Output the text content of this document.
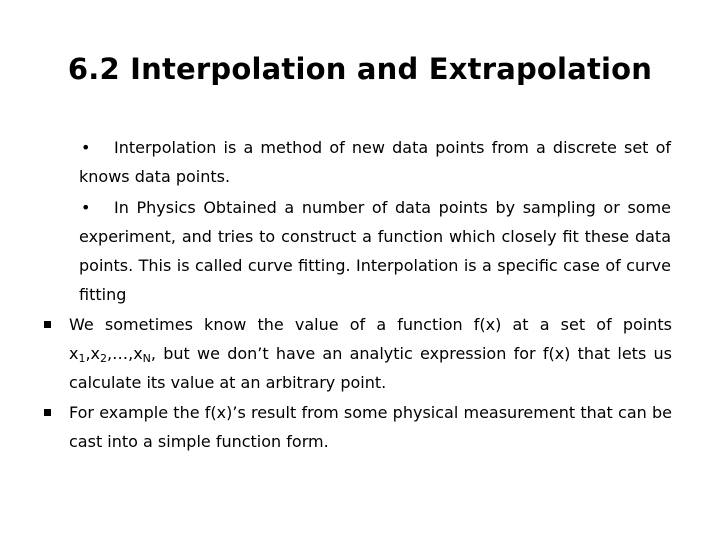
6.2 Interpolation and Extrapolation
• Interpolation is a method of new data points from a discrete set of knows data points.
• In Physics Obtained a number of data points by sampling or some experiment, and tries to construct a function which closely fit these data points. This is called curve fitting. Interpolation is a specific case of curve fitting
We sometimes know the value of a function f(x) at a set of points $x_1,x_2,\dots,x_N$, but we don’t have an analytic expression for f(x) that lets us calculate its value at an arbitrary point.
For example the f(x)’s result from some physical measurement that can be cast into a simple function form.
